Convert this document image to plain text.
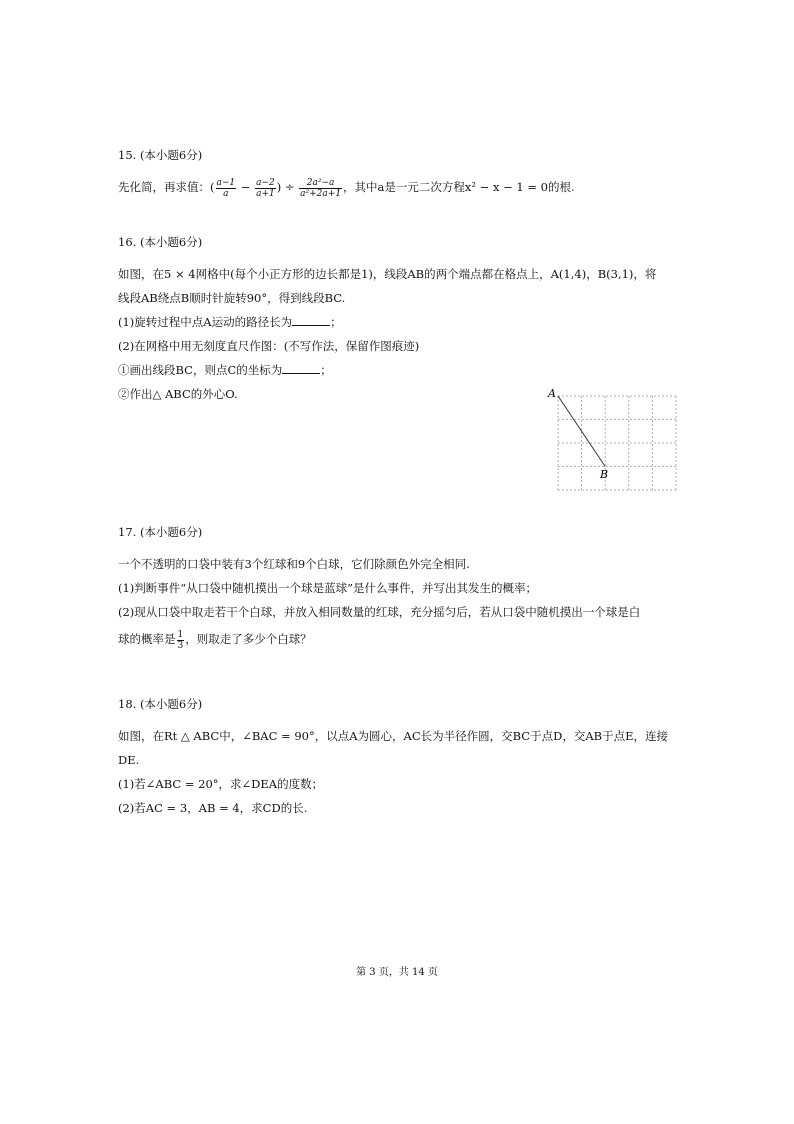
15. (本小题6分)
先化简，再求值：( $\frac{a-1}{a} - \frac{a-2}{a+1}$ ) ÷ $\frac{\text{2a²−a}}{\text{a²+2a+1}}$ ，其中a是一元二次方程x² − x − 1 = 0的根.
16. (本小题6分)
如图，在5 × 4网格中(每个小正方形的边长都是1)，线段AB的两个端点都在格点上，A(1,4)，B(3,1)，将
线段AB绕点B顺时针旋转90°，得到线段BC.
(1)旋转过程中点A运动的路径长为	；
(2)在网格中用无刻度直尺作图：(不写作法，保留作图痕迹)
①画出线段BC，则点C的坐标为	；
②作出△ ABC的外心O.	A
B
17. (本小题6分)
一个不透明的口袋中装有3个红球和9个白球，它们除颜色外完全相同.
(1)判断事件“从口袋中随机摸出一个球是蓝球”是什么事件，并写出其发生的概率；
(2)现从口袋中取走若干个白球，并放入相同数量的红球，充分摇匀后，若从口袋中随机摸出一个球是白
球的概率是 $\frac{1}{3}$ ，则取走了多少个白球？
18. (本小题6分)
如图，在Rt △ ABC中，∠BAC = 90°，以点A为圆心，AC长为半径作圆，交BC于点D，交AB于点E，连接
DE.
(1)若∠ABC = 20°，求∠DEA的度数；
(2)若AC = 3，AB = 4，求CD的长.
第 3 页，共 14 页
